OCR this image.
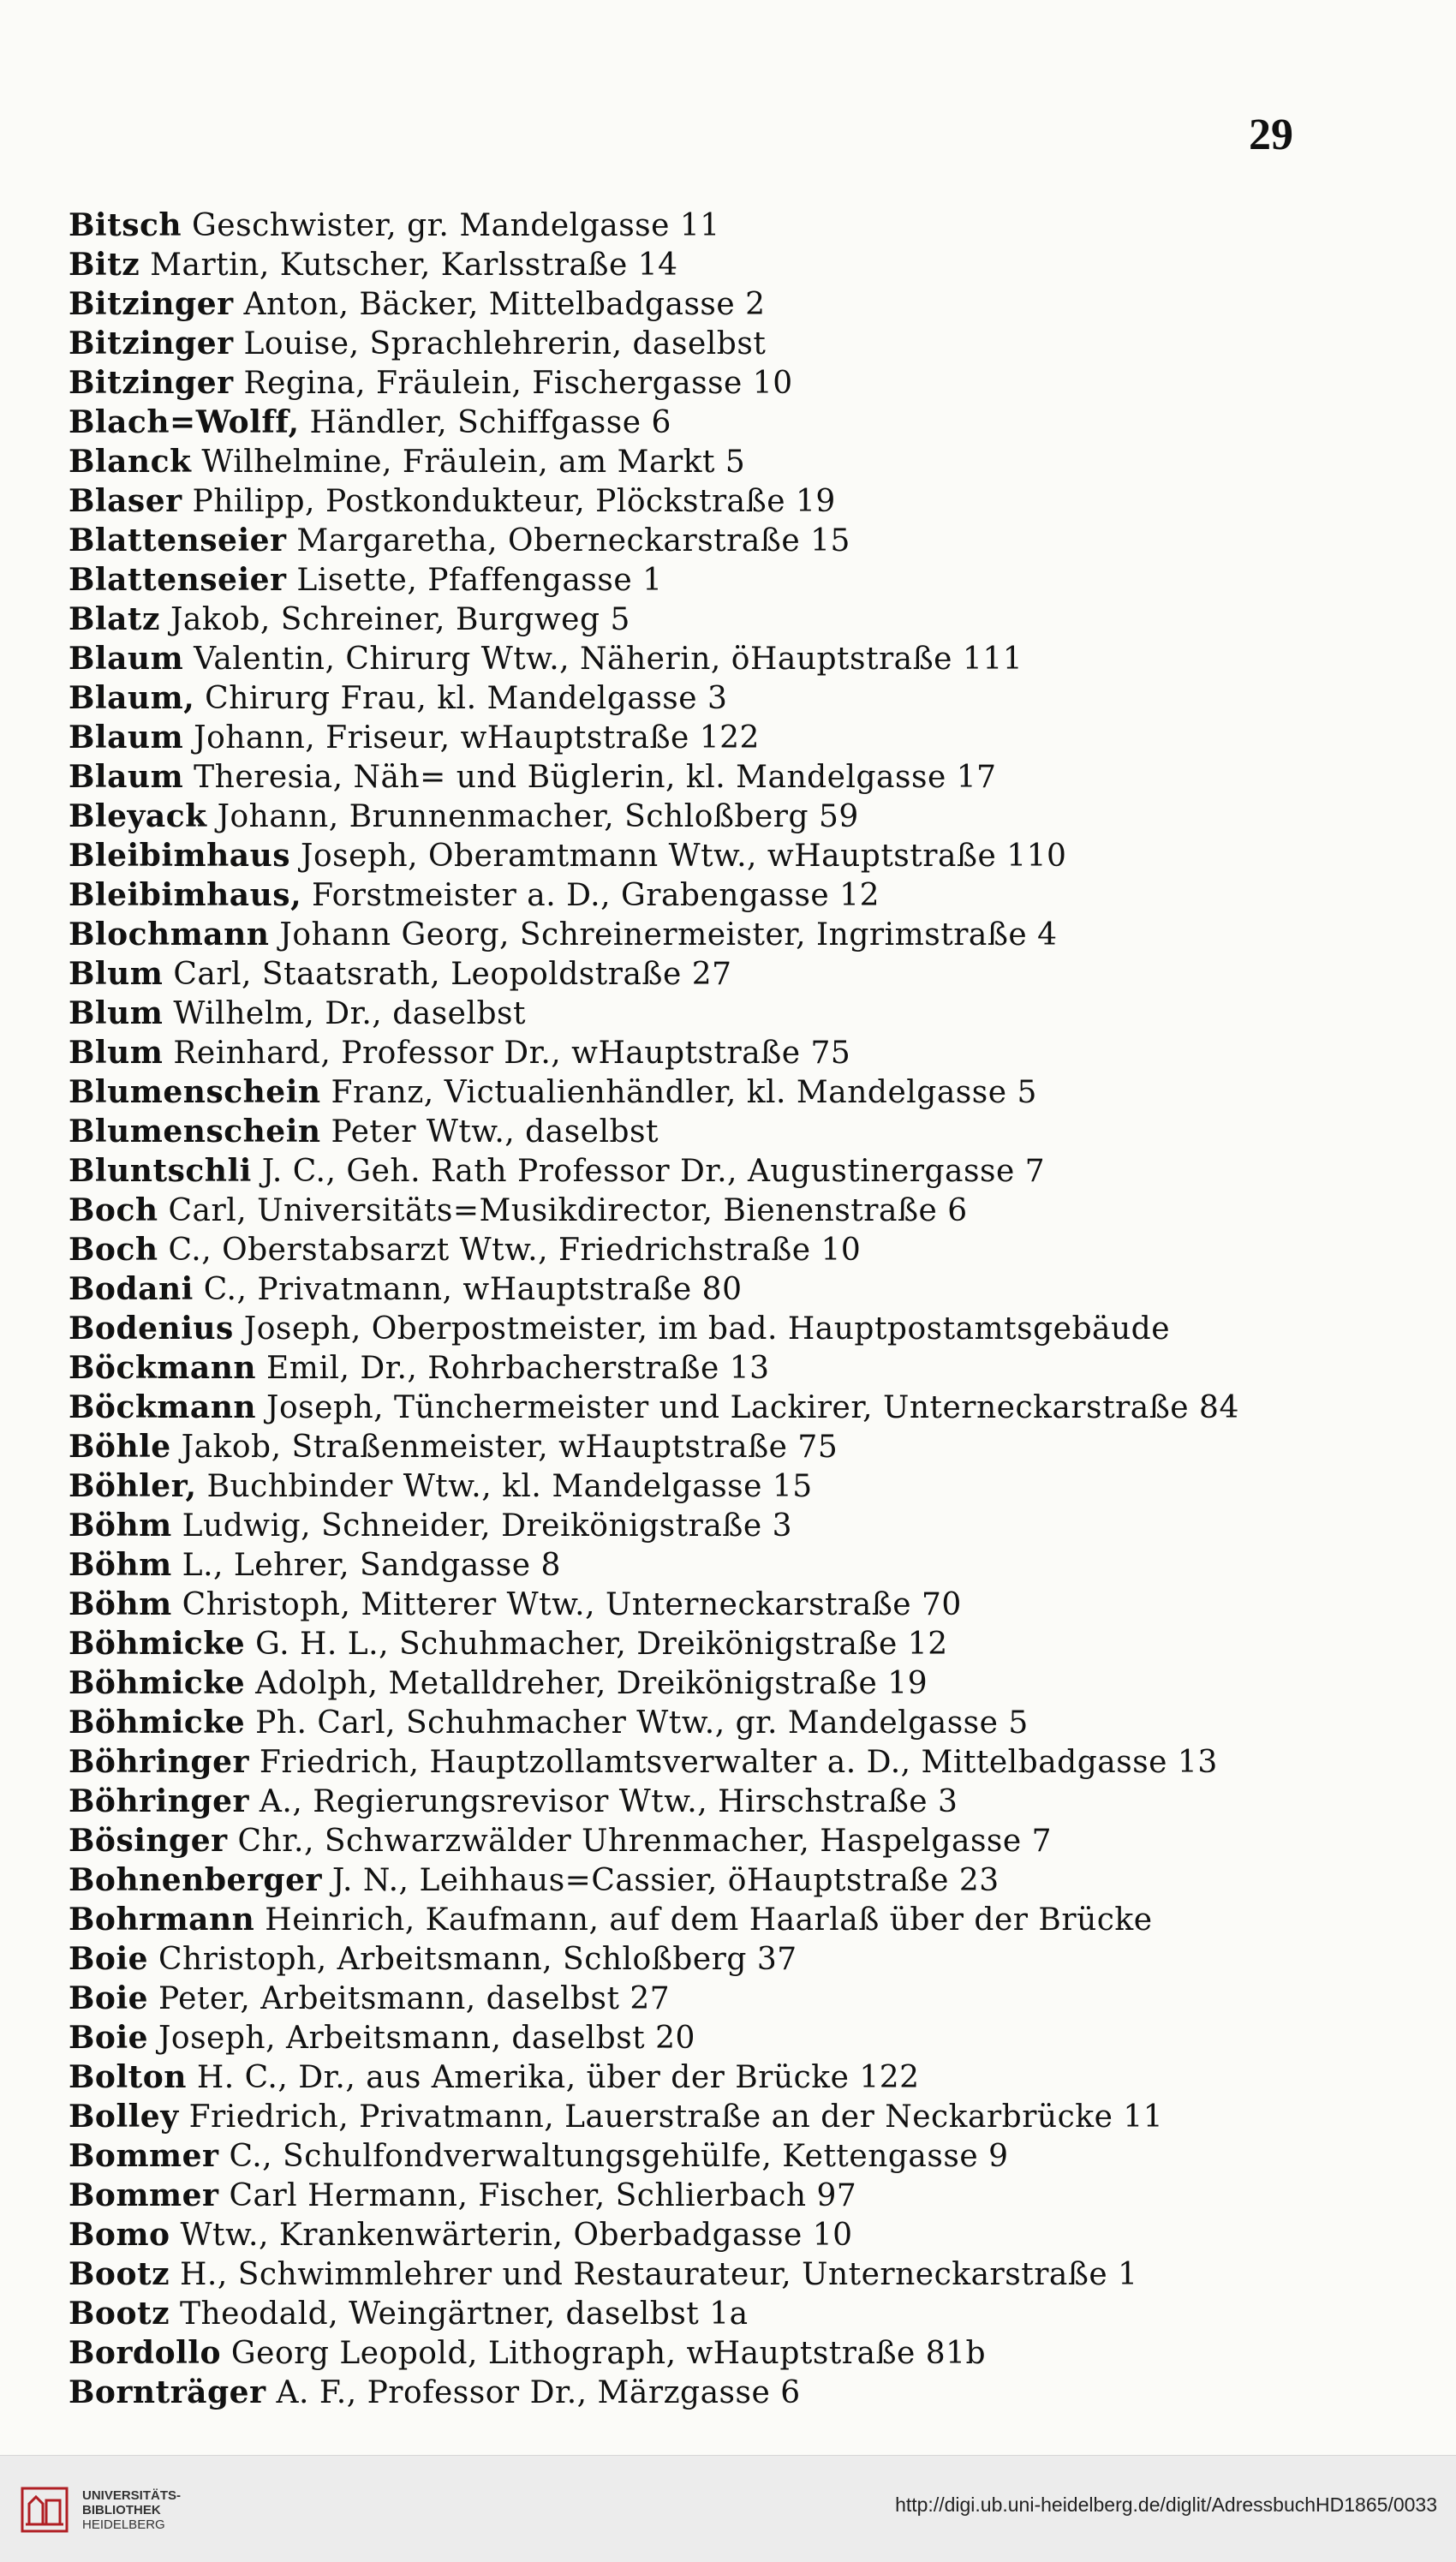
29
Bitsch Geschwister, gr. Mandelgasse 11
Bitz Martin, Kutscher, Karlsstraße 14
Bitzinger Anton, Bäcker, Mittelbadgasse 2
Bitzinger Louise, Sprachlehrerin, daselbst
Bitzinger Regina, Fräulein, Fischergasse 10
Blach=Wolff, Händler, Schiffgasse 6
Blanck Wilhelmine, Fräulein, am Markt 5
Blaser Philipp, Postkondukteur, Plöckstraße 19
Blattenseier Margaretha, Oberneckarstraße 15
Blattenseier Lisette, Pfaffengasse 1
Blatz Jakob, Schreiner, Burgweg 5
Blaum Valentin, Chirurg Wtw., Näherin, öHauptstraße 111
Blaum, Chirurg Frau, kl. Mandelgasse 3
Blaum Johann, Friseur, wHauptstraße 122
Blaum Theresia, Näh= und Büglerin, kl. Mandelgasse 17
Bleyack Johann, Brunnenmacher, Schloßberg 59
Bleibimhaus Joseph, Oberamtmann Wtw., wHauptstraße 110
Bleibimhaus, Forstmeister a. D., Grabengasse 12
Blochmann Johann Georg, Schreinermeister, Ingrimstraße 4
Blum Carl, Staatsrath, Leopoldstraße 27
Blum Wilhelm, Dr., daselbst
Blum Reinhard, Professor Dr., wHauptstraße 75
Blumenschein Franz, Victualienhändler, kl. Mandelgasse 5
Blumenschein Peter Wtw., daselbst
Bluntschli J. C., Geh. Rath Professor Dr., Augustinergasse 7
Boch Carl, Universitäts=Musikdirector, Bienenstraße 6
Boch C., Oberstabsarzt Wtw., Friedrichstraße 10
Bodani C., Privatmann, wHauptstraße 80
Bodenius Joseph, Oberpostmeister, im bad. Hauptpostamtsgebäude
Böckmann Emil, Dr., Rohrbacherstraße 13
Böckmann Joseph, Tünchermeister und Lackirer, Unterneckarstraße 84
Böhle Jakob, Straßenmeister, wHauptstraße 75
Böhler, Buchbinder Wtw., kl. Mandelgasse 15
Böhm Ludwig, Schneider, Dreikönigstraße 3
Böhm L., Lehrer, Sandgasse 8
Böhm Christoph, Mitterer Wtw., Unterneckarstraße 70
Böhmicke G. H. L., Schuhmacher, Dreikönigstraße 12
Böhmicke Adolph, Metalldreher, Dreikönigstraße 19
Böhmicke Ph. Carl, Schuhmacher Wtw., gr. Mandelgasse 5
Böhringer Friedrich, Hauptzollamtsverwalter a. D., Mittelbadgasse 13
Böhringer A., Regierungsrevisor Wtw., Hirschstraße 3
Bösinger Chr., Schwarzwälder Uhrenmacher, Haspelgasse 7
Bohnenberger J. N., Leihhaus=Cassier, öHauptstraße 23
Bohrmann Heinrich, Kaufmann, auf dem Haarlaß über der Brücke
Boie Christoph, Arbeitsmann, Schloßberg 37
Boie Peter, Arbeitsmann, daselbst 27
Boie Joseph, Arbeitsmann, daselbst 20
Bolton H. C., Dr., aus Amerika, über der Brücke 122
Bolley Friedrich, Privatmann, Lauerstraße an der Neckarbrücke 11
Bommer C., Schulfondverwaltungsgehülfe, Kettengasse 9
Bommer Carl Hermann, Fischer, Schlierbach 97
Bomo Wtw., Krankenwärterin, Oberbadgasse 10
Bootz H., Schwimmlehrer und Restaurateur, Unterneckarstraße 1
Bootz Theodald, Weingärtner, daselbst 1a
Bordollo Georg Leopold, Lithograph, wHauptstraße 81b
Bornträger A. F., Professor Dr., Märzgasse 6
UNIVERSITÄTS-
BIBLIOTHEK
HEIDELBERG
http://digi.ub.uni-heidelberg.de/diglit/AdressbuchHD1865/0033
